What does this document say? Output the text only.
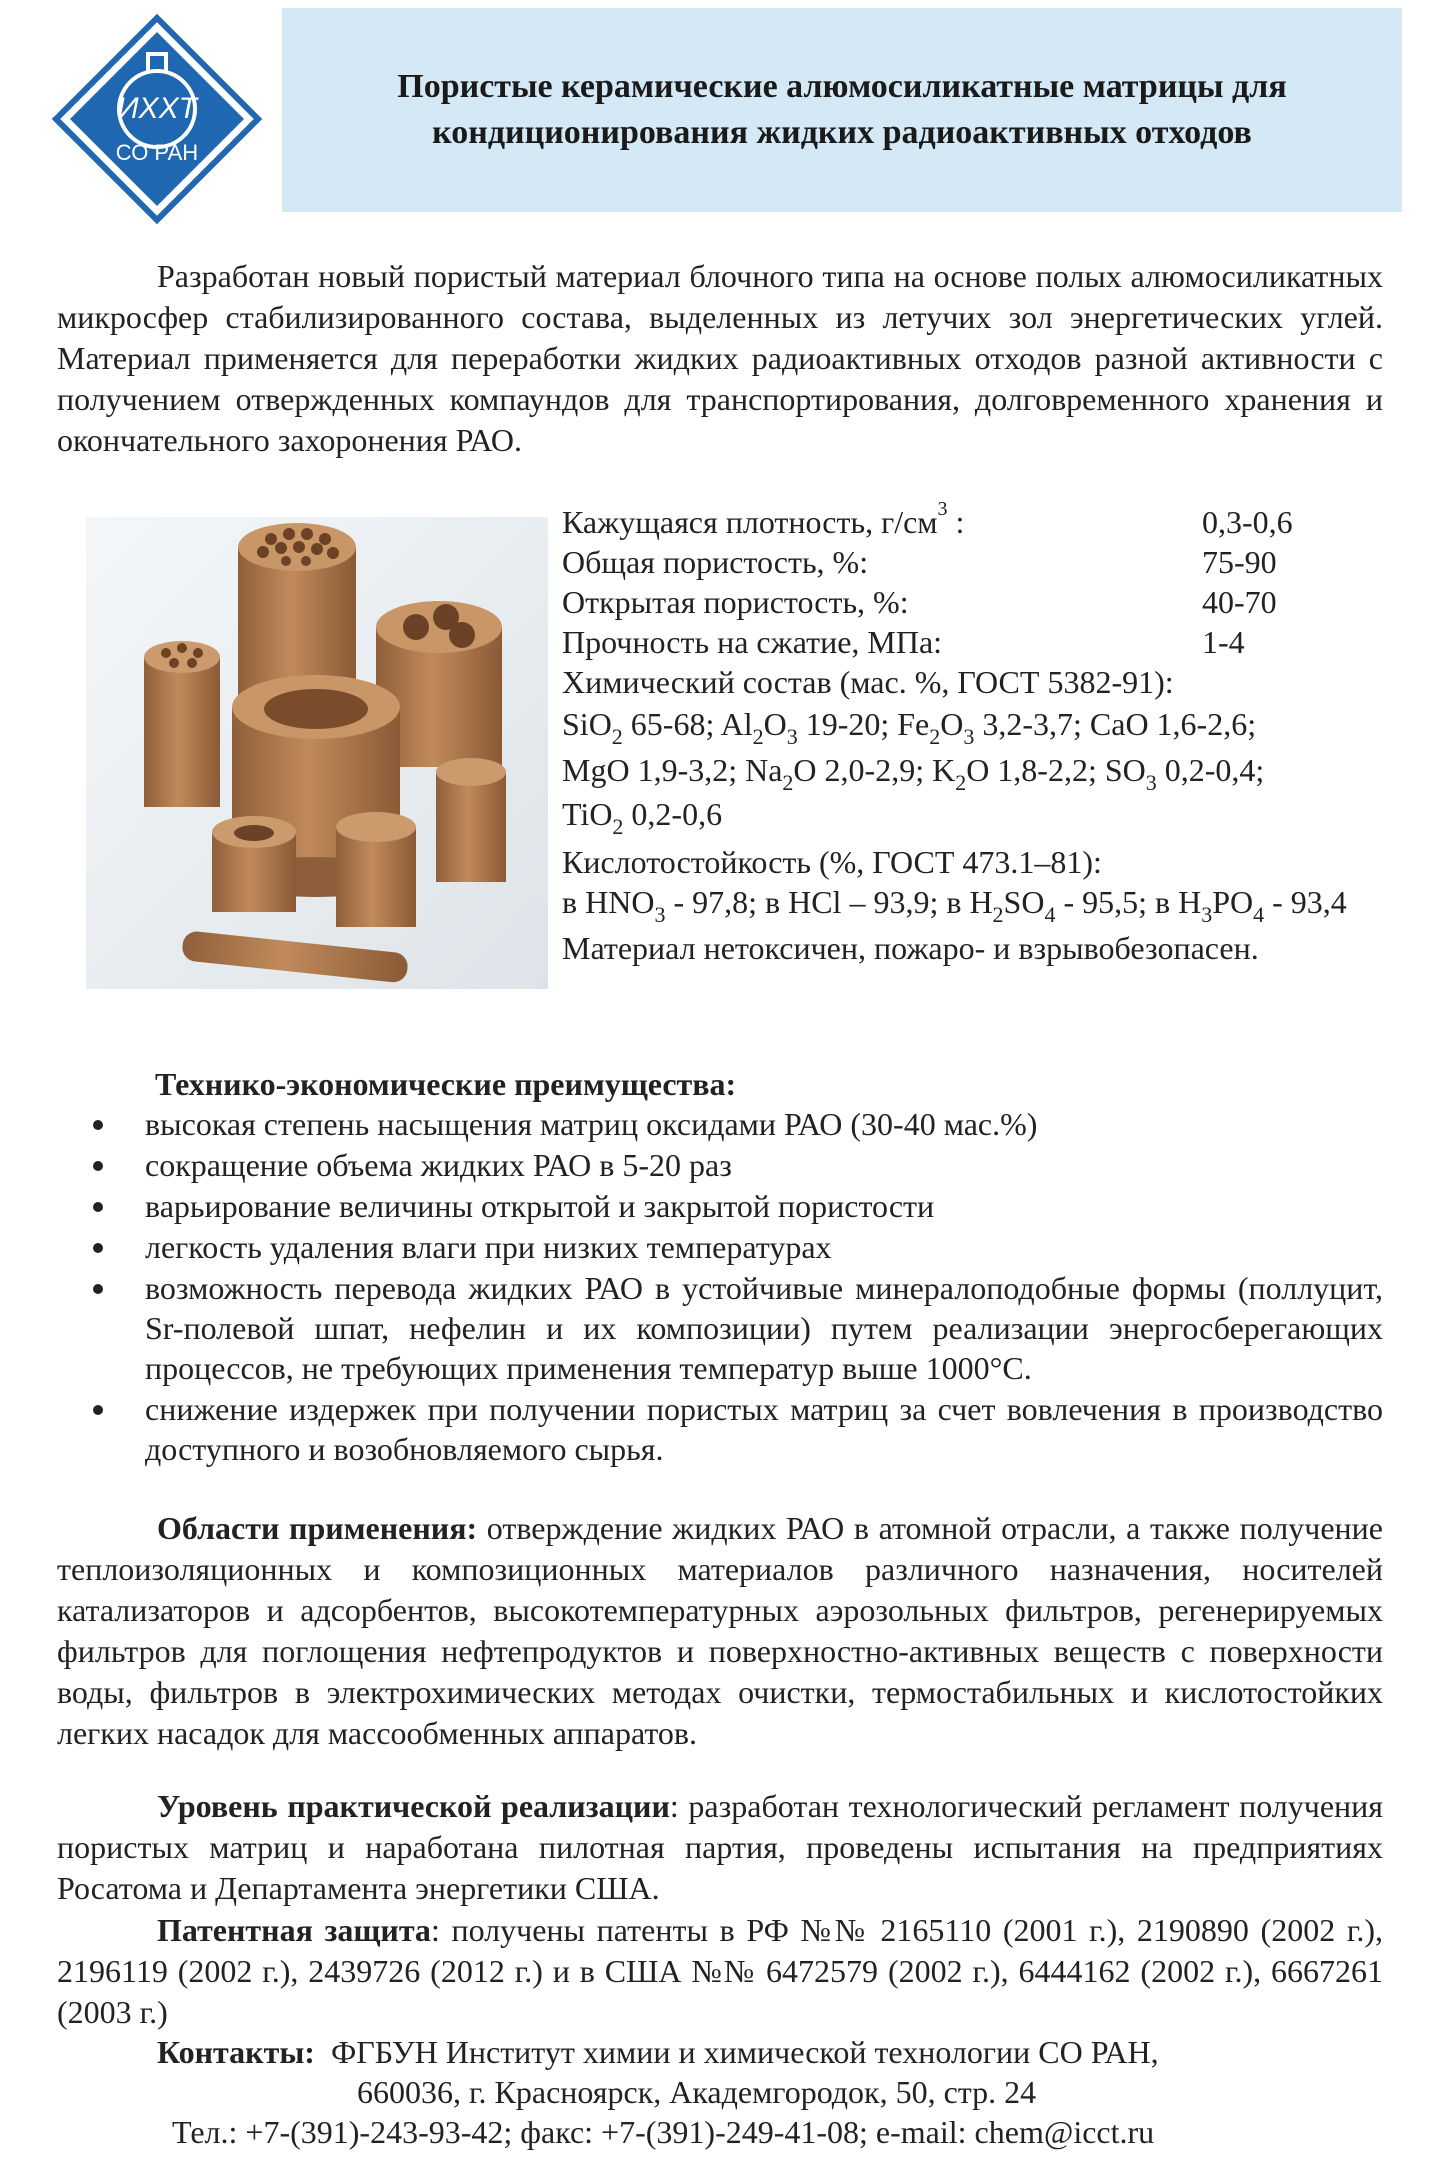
ИХХТ
СО РАН
Пористые керамические алюмосиликатные матрицы для
кондиционирования жидких радиоактивных отходов
Разработан новый пористый материал блочного типа на основе полых алюмосиликатных микросфер стабилизированного состава, выделенных из летучих зол энергетических углей. Материал применяется для переработки жидких радиоактивных отходов разной активности с получением отвержденных компаундов для транспортирования, долговременного хранения и окончательного захоронения РАО.
Кажущаяся плотность, $г/см^3$ :	0,3-0,6
Общая пористость, %:	75-90
Открытая пористость, %:	40-70
Прочность на сжатие, МПа:	1-4
Химический состав (мас. %, ГОСТ 5382-91):
SiO$_2$ 65-68; $Al_2O_3$ 19-20; $Fe_2O_3$ 3,2-3,7; CaO 1,6-2,6;
MgO 1,9-3,2; $Na_2O$ 2,0-2,9; $K_2O$ 1,8-2,2; $SO_3$ 0,2-0,4;
TiO$_2$ 0,2-0,6
Кислотостойкость (%, ГОСТ 473.1–81):
в $HNO_3 - 97,8$; в HCl – 93,9; в $H_2SO_4 - 95,5$; в $H_3PO_4 - 93,4$
Материал нетоксичен, пожаро- и взрывобезопасен.
Технико-экономические преимущества:
высокая степень насыщения матриц оксидами РАО (30-40 мас.%)
сокращение объема жидких РАО в 5-20 раз
варьирование величины открытой и закрытой пористости
легкость удаления влаги при низких температурах
возможность перевода жидких РАО в устойчивые минералоподобные формы (поллуцит, Sr-полевой шпат, нефелин и их композиции) путем реализации энергосберегающих процессов, не требующих применения температур выше 1000°С.
снижение издержек при получении пористых матриц за счет вовлечения в производство доступного и возобновляемого сырья.
Области применения: отверждение жидких РАО в атомной отрасли, а также получение теплоизоляционных и композиционных материалов различного назначения, носителей катализаторов и адсорбентов, высокотемпературных аэрозольных фильтров, регенерируемых фильтров для поглощения нефтепродуктов и поверхностно-активных веществ с поверхности воды, фильтров в электрохимических методах очистки, термостабильных и кислотостойких легких насадок для массообменных аппаратов.
Уровень практической реализации: разработан технологический регламент получения пористых матриц и наработана пилотная партия, проведены испытания на предприятиях Росатома и Департамента энергетики США.
Патентная защита: получены патенты в РФ №№ 2165110 (2001 г.), 2190890 (2002 г.), 2196119 (2002 г.), 2439726 (2012 г.) и в США №№ 6472579 (2002 г.), 6444162 (2002 г.), 6667261 (2003 г.)
Контакты: ФГБУН Институт химии и химической технологии СО РАН,
660036, г. Красноярск, Академгородок, 50, стр. 24
Тел.: +7-(391)-243-93-42; факс: +7-(391)-249-41-08; e-mail: chem@icct.ru
